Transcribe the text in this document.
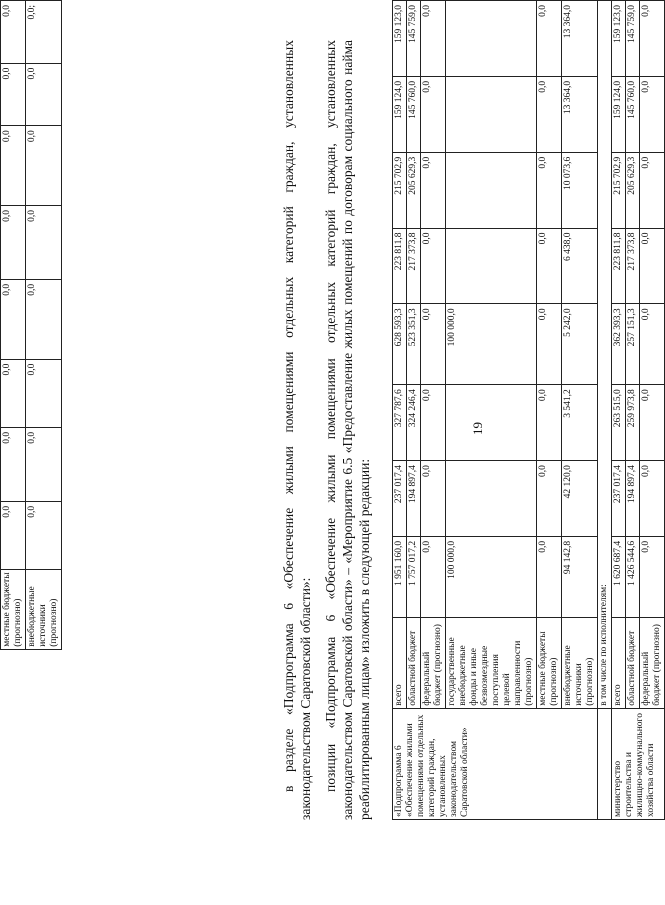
	местные бюджеты (прогнозно)	0,0	0,0	0,0	0,0	0,0	0,0	0,0	0,0
	внебюджетные источники (прогнозно)	0,0	0,0	0,0	0,0	0,0	0,0	0,0	0,0;
19

в разделе «Подпрограмма 6 «Обеспечение жилыми помещениями отдельных категорий граждан, установленных законодательством Саратовской области»: позиции «Подпрограмма 6 «Обеспечение жилыми помещениями отдельных категорий граждан, установленных законодательством Саратовской области» – «Мероприятие 6.5 «Предоставление жилых помещений по договорам социального найма реабилитированным лицам» изложить в следующей редакции: «Подпрограмма 6 «Обеспечение жилыми помещениями отдельных категорий граждан, установленных законодательством Саратовской области»	всего	1 951 160,0	237 017,4	327 787,6	628 593,3	223 811,8	215 702,9	159 124,0	159 123,0
	областной бюджет	1 757 017,2	194 897,4	324 246,4	523 351,3	217 373,8	205 629,3	145 760,0	145 759,0
	федеральный бюджет (прогнозно)	0,0	0,0	0,0	0,0	0,0	0,0	0,0	0,0
	государственные внебюджетные фонды и иные безвозмездные поступления целевой направленности (прогнозно)	100 000,0			100 000,0				
	местные бюджеты (прогнозно)	0,0	0,0	0,0	0,0	0,0	0,0	0,0	0,0
	внебюджетные источники (прогнозно)	94 142,8	42 120,0	3 541,2	5 242,0	6 438,0	10 073,6	13 364,0	13 364,0
	в том числе по исполнителям:								
министерство строительства и жилищно-коммунального хозяйства области	всего	1 620 687,4	237 017,4	263 515,0	362 393,3	223 811,8	215 702,9	159 124,0	159 123,0
	областной бюджет	1 426 544,6	194 897,4	259 973,8	257 151,3	217 373,8	205 629,3	145 760,0	145 759,0
	федеральный бюджет (прогнозно)	0,0	0,0	0,0	0,0	0,0	0,0	0,0	0,0
